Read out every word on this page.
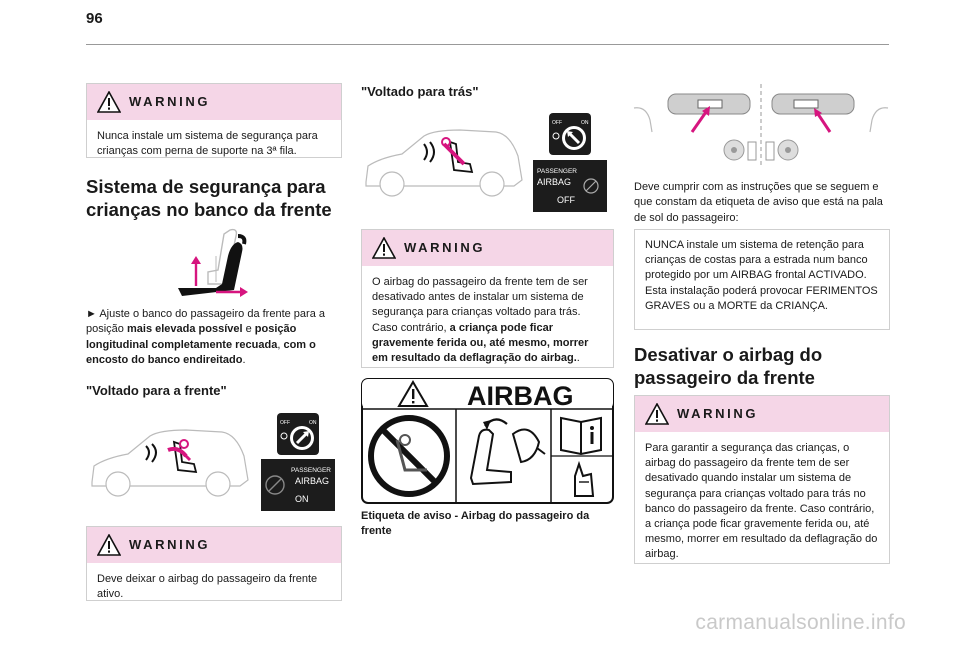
96
WARNING
Nunca instale um sistema de segurança para crianças com perna de suporte na 3ª fila.
Sistema de segurança para
crianças no banco da frente
► Ajuste o banco do passageiro da frente para a posição mais elevada possível e posição longitudinal completamente recuada, com o encosto do banco endireitado.
"Voltado para a frente"
OFF	ON
PASSENGER
AIRBAG
ON
WARNING
Deve deixar o airbag do passageiro da frente ativo.
"Voltado para trás"
OFF	ON
PASSENGER
AIRBAG
OFF
WARNING
O airbag do passageiro da frente tem de ser desativado antes de instalar um sistema de segurança para crianças voltado para trás. Caso contrário, a criança pode ficar gravemente ferida ou, até mesmo, morrer em resultado da deflagração do airbag..
AIRBAG
Etiqueta de aviso - Airbag do passageiro da frente
Deve cumprir com as instruções que se seguem e que constam da etiqueta de aviso que está na pala de sol do passageiro:
NUNCA instale um sistema de retenção para crianças de costas para a estrada num banco protegido por um AIRBAG frontal ACTIVADO. Esta instalação poderá provocar FERIMENTOS GRAVES ou a MORTE da CRIANÇA.
Desativar o airbag do
passageiro da frente
WARNING
Para garantir a segurança das crianças, o airbag do passageiro da frente tem de ser desativado quando instalar um sistema de segurança para crianças voltado para trás no banco do passageiro da frente. Caso contrário, a criança pode ficar gravemente ferida ou, até mesmo, morrer em resultado da deflagração do airbag.
carmanualsonline.info
